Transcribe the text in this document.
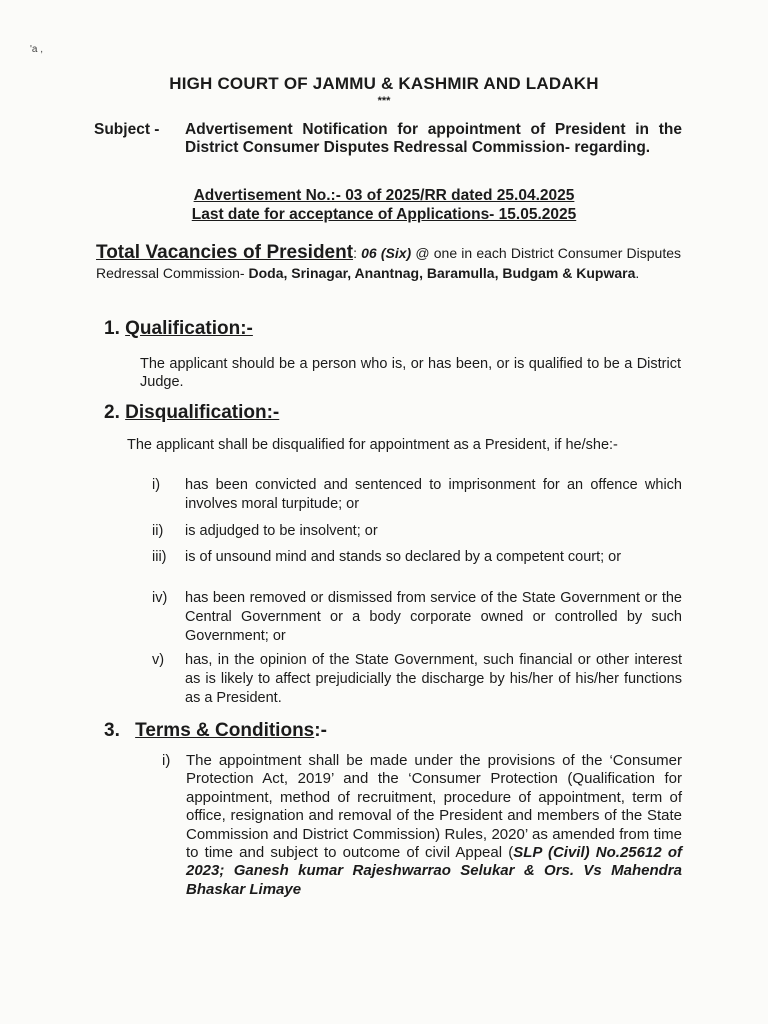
'a ,
HIGH COURT OF JAMMU & KASHMIR AND LADAKH
***
Subject - Advertisement Notification for appointment of President in the District Consumer Disputes Redressal Commission- regarding.
Advertisement No.:- 03 of 2025/RR dated 25.04.2025
Last date for acceptance of Applications- 15.05.2025
Total Vacancies of President: 06 (Six) @ one in each District Consumer Disputes Redressal Commission- Doda, Srinagar, Anantnag, Baramulla, Budgam & Kupwara.
1. Qualification:-
The applicant should be a person who is, or has been, or is qualified to be a District Judge.
2. Disqualification:-
The applicant shall be disqualified for appointment as a President, if he/she:-
i) has been convicted and sentenced to imprisonment for an offence which involves moral turpitude; or
ii) is adjudged to be insolvent; or
iii) is of unsound mind and stands so declared by a competent court; or
iv) has been removed or dismissed from service of the State Government or the Central Government or a body corporate owned or controlled by such Government; or
v) has, in the opinion of the State Government, such financial or other interest as is likely to affect prejudicially the discharge by his/her of his/her functions as a President.
3. Terms & Conditions:-
i) The appointment shall be made under the provisions of the ‘Consumer Protection Act, 2019’ and the ‘Consumer Protection (Qualification for appointment, method of recruitment, procedure of appointment, term of office, resignation and removal of the President and members of the State Commission and District Commission) Rules, 2020’ as amended from time to time and subject to outcome of civil Appeal (SLP (Civil) No.25612 of 2023; Ganesh kumar Rajeshwarrao Selukar & Ors. Vs Mahendra Bhaskar Limaye
